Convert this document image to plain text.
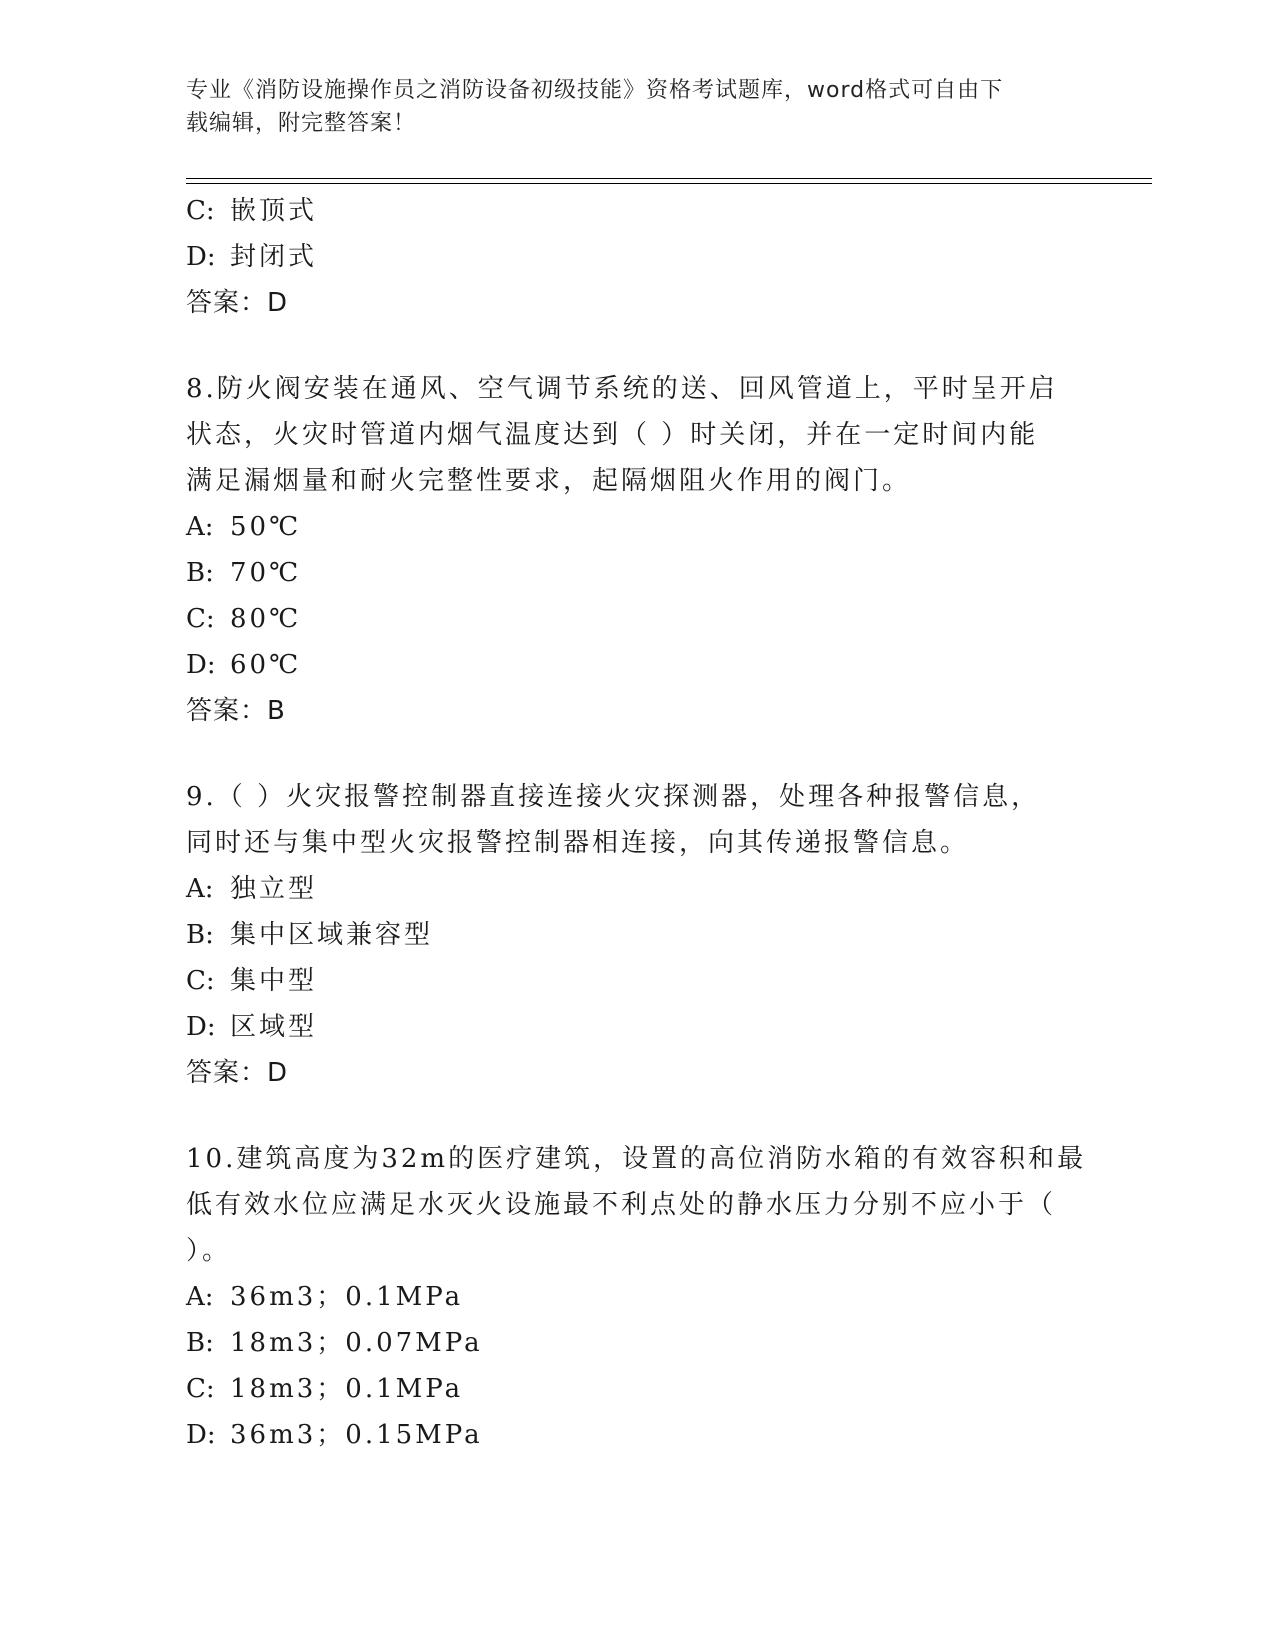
专业《消防设施操作员之消防设备初级技能》资格考试题库，word格式可自由下
载编辑，附完整答案！
C: 嵌顶式
D: 封闭式
答案：D
8.防火阀安装在通风、空气调节系统的送、回风管道上，平时呈开启
状态，火灾时管道内烟气温度达到（ ）时关闭，并在一定时间内能
满足漏烟量和耐火完整性要求，起隔烟阻火作用的阀门。
A: 50℃
B: 70℃
C: 80℃
D: 60℃
答案：B
9.（ ）火灾报警控制器直接连接火灾探测器，处理各种报警信息，
同时还与集中型火灾报警控制器相连接，向其传递报警信息。
A: 独立型
B: 集中区域兼容型
C: 集中型
D: 区域型
答案：D
10.建筑高度为32m的医疗建筑，设置的高位消防水箱的有效容积和最
低有效水位应满足水灭火设施最不利点处的静水压力分别不应小于（
）。
A: 36m3；0.1MPa
B: 18m3；0.07MPa
C: 18m3；0.1MPa
D: 36m3；0.15MPa
